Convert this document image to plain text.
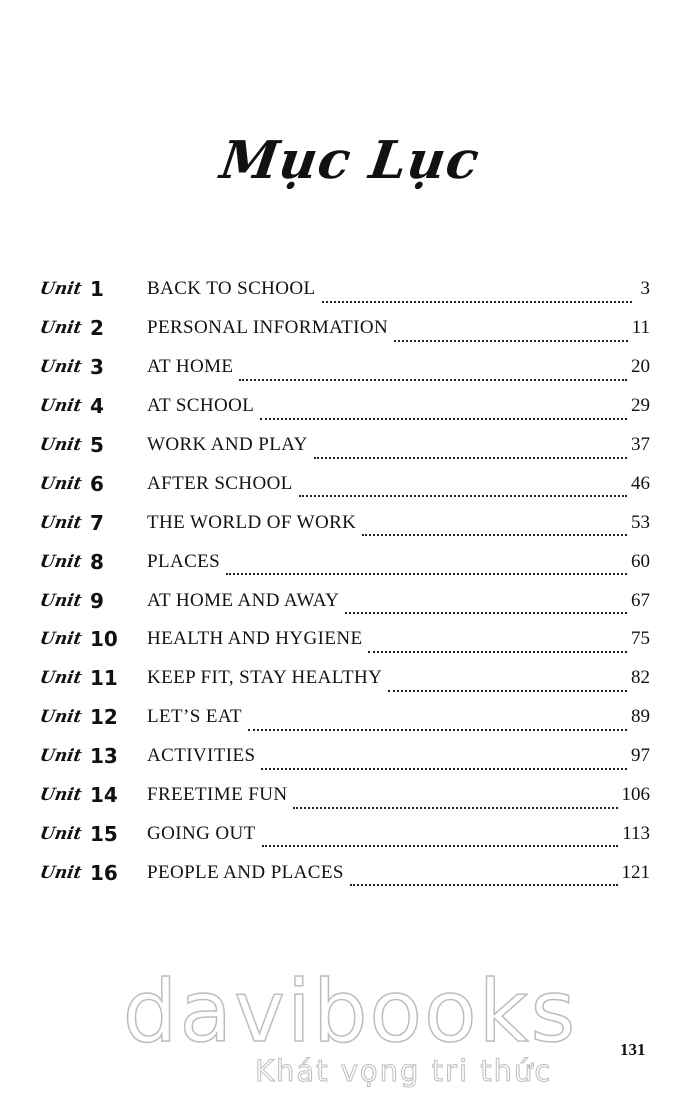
Mục Lục
Unit 1	BACK TO SCHOOL	3
Unit 2	PERSONAL INFORMATION	11
Unit 3	AT HOME	20
Unit 4	AT SCHOOL	29
Unit 5	WORK AND PLAY	37
Unit 6	AFTER SCHOOL	46
Unit 7	THE WORLD OF WORK	53
Unit 8	PLACES	60
Unit 9	AT HOME AND AWAY	67
Unit 10	HEALTH AND HYGIENE	75
Unit 11	KEEP FIT, STAY HEALTHY	82
Unit 12	LET’S EAT	89
Unit 13	ACTIVITIES	97
Unit 14	FREETIME FUN	106
Unit 15	GOING OUT	113
Unit 16	PEOPLE AND PLACES	121
davibooks
Khát vọng tri thức
131
